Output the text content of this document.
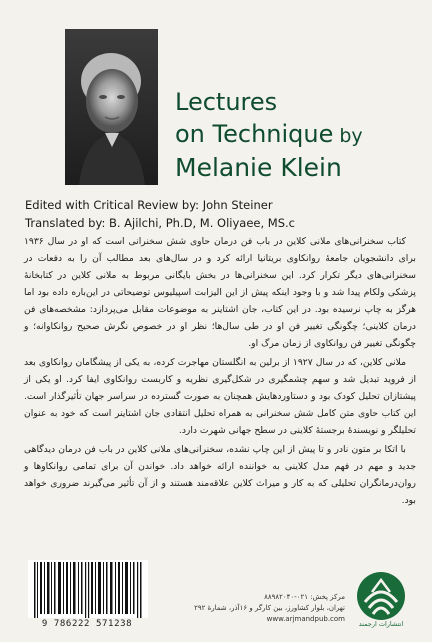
Lectures
on Technique by
Melanie Klein
Edited with Critical Review by: John Steiner
Translated by: B. Ajilchi, Ph.D, M. Oliyaee, MS.c

کتاب سخنرانی‌های ملانی کلاین در باب فن درمان حاوی شش سخنرانی است که او در سال ۱۹۳۶ برای دانشجویان جامعهٔ روانکاوی بریتانیا ارائه کرد و در سال‌های بعد مطالب آن را به دفعات در سخنرانی‌های دیگر تکرار کرد. این سخنرانی‌ها در بخش بایگانی مربوط به ملانی کلاین در کتابخانهٔ پزشکی ولکام پیدا شد و با وجود اینکه پیش از این الیزابت اسپیلیوس توضیحاتی در این‌باره داده بود اما هرگز به چاپ نرسیده بود. در این کتاب، جان اشتاینر به موضوعات مقابل می‌پردازد: مشخصه‌های فن درمان کلاینی؛ چگونگی تغییر فن او در طی سال‌ها؛ نظر او در خصوص نگرش صحیح روانکاوانه؛ و چگونگی تغییر فن روانکاوی از زمان مرگ او.

ملانی کلاین، که در سال ۱۹۲۷ از برلین به انگلستان مهاجرت کرده، به یکی از پیشگامان روانکاوی بعد از فروید تبدیل شد و سهم چشمگیری در شکل‌گیری نظریه و کاربست روانکاوی ایفا کرد. او یکی از پیشتازان تحلیل کودک بود و دستاوردهایش همچنان به صورت گسترده در سراسر جهان تأثیرگذار است. این کتاب حاوی متن کامل شش سخنرانی به همراه تحلیل انتقادی جان اشتاینر است که خود به عنوان تحلیلگر و نویسندهٔ برجستهٔ کلاینی در سطح جهانی شهرت دارد.

با اتکا بر متون نادر و تا پیش از این چاپ نشده، سخنرانی‌های ملانی کلاین در باب فن درمان دیدگاهی جدید و مهم در فهم مدل کلاینی به خواننده ارائه خواهد داد. خواندن آن برای تمامی روانکاوها و روان‌درمانگران تحلیلی که به کار و میراث کلاین علاقه‌مند هستند و از آن تأثیر می‌گیرند ضروری خواهد بود.

9 786222 571238
مرکز پخش: ۰۲۱-۸۸۹۸۲۰۴۰
تهران، بلوار کشاورز، بین کارگر و ۱۶آذر، شمارهٔ ۲۹۲
www.arjmandpub.com
انتشارات ارجمند
